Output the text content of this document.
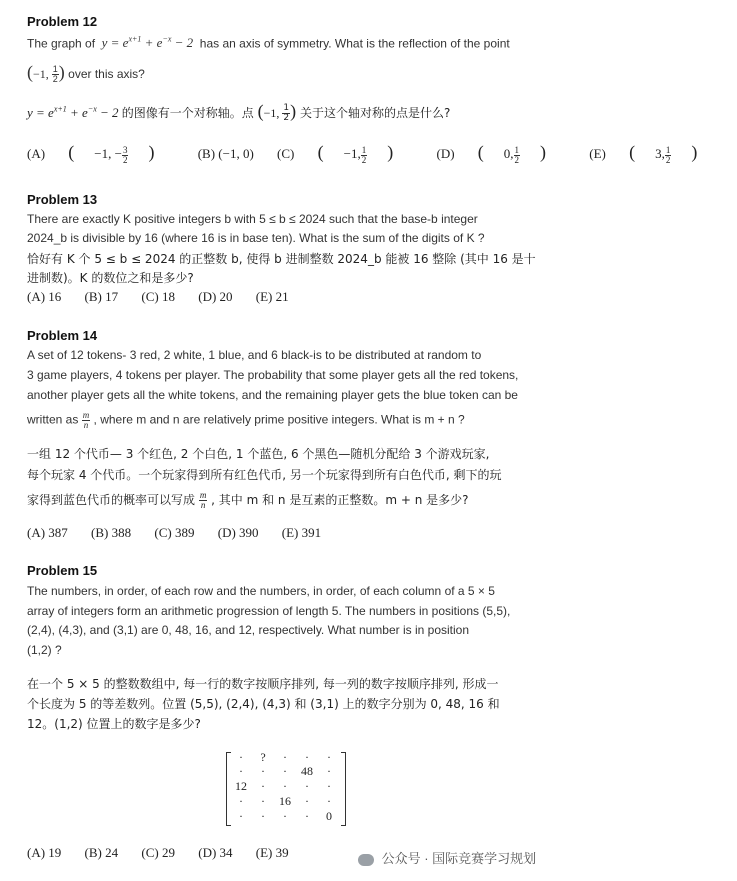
Problem 12
The graph of  $y = e^{x+1} + e^{-x} - 2$  has an axis of symmetry. What is the reflection of the point
(−1, $\frac{1}{2}$ ) over this axis?
$y = e^{x+1} + e^{-x} - 2$ 的图像有一个对称轴。点 (−1, $\frac{1}{2}$ ) 关于这个轴对称的点是什么?
(A) ( −1, − $\frac{3}{2}$ )	(B) (−1, 0) (C) ( −1, $\frac{1}{2}$ )	(D) ( 0, $\frac{1}{2}$ )	(E) ( 3, $\frac{1}{2}$ )
Problem 13
There are exactly K positive integers b with 5 ≤ b ≤ 2024 such that the base-b integer
2024_b is divisible by 16 (where 16 is in base ten). What is the sum of the digits of K ?
恰好有 K 个 5 ≤ b ≤ 2024 的正整数 b, 使得 b 进制整数 2024_b 能被 16 整除 (其中 16 是十
进制数)。K 的数位之和是多少?
(A) 16 (B) 17 (C) 18 (D) 20 (E) 21
Problem 14
A set of 12 tokens- 3 red, 2 white, 1 blue, and 6 black-is to be distributed at random to
3 game players, 4 tokens per player. The probability that some player gets all the red tokens,
another player gets all the white tokens, and the remaining player gets the blue token can be
written as $\frac{m}{n}$ , where m and n are relatively prime positive integers. What is m + n ?
一组 12 个代币— 3 个红色, 2 个白色, 1 个蓝色, 6 个黑色—随机分配给 3 个游戏玩家,
每个玩家 4 个代币。一个玩家得到所有红色代币, 另一个玩家得到所有白色代币, 剩下的玩
家得到蓝色代币的概率可以写成 $\frac{m}{n}$ , 其中 m 和 n 是互素的正整数。m + n 是多少?
(A) 387 (B) 388 (C) 389 (D) 390 (E) 391
Problem 15
The numbers, in order, of each row and the numbers, in order, of each column of a 5 × 5
array of integers form an arithmetic progression of length 5. The numbers in positions (5,5),
(2,4), (4,3), and (3,1) are 0, 48, 16, and 12, respectively. What number is in position
(1,2) ?
在一个 5 × 5 的整数数组中, 每一行的数字按顺序排列, 每一列的数字按顺序排列, 形成一
个长度为 5 的等差数列。位置 (5,5), (2,4), (4,3) 和 (3,1) 上的数字分别为 0, 48, 16 和
12。(1,2) 位置上的数字是多少?
·	?	·	·	·
·	·	·	48	·
12	·	·	·	·
·	·	16	·	·
·	·	·	·	0
(A) 19 (B) 24 (C) 29 (D) 34 (E) 39	公众号 · 国际竞赛学习规划
